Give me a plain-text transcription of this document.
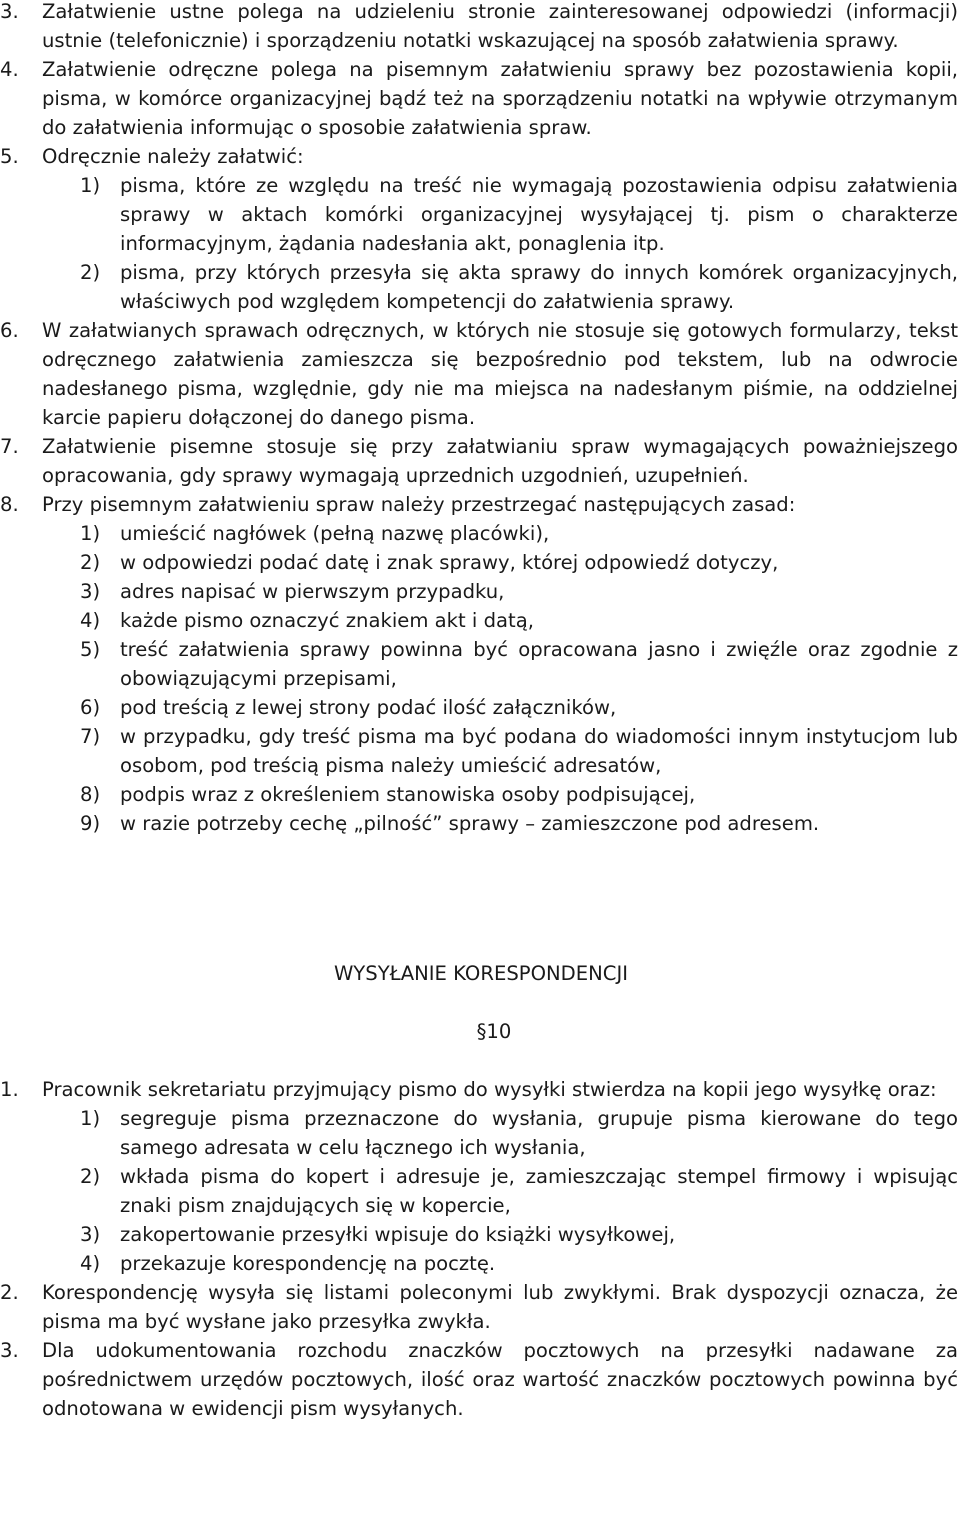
3. Załatwienie ustne polega na udzieleniu stronie zainteresowanej odpowiedzi (informacji) ustnie (telefonicznie) i sporządzeniu notatki wskazującej na sposób załatwienia sprawy.
4. Załatwienie odręczne polega na pisemnym załatwieniu sprawy bez pozostawienia kopii, pisma, w komórce organizacyjnej bądź też na sporządzeniu notatki na wpływie otrzymanym do załatwienia informując o sposobie załatwienia spraw.
5. Odręcznie należy załatwić:
1) pisma, które ze względu na treść nie wymagają pozostawienia odpisu załatwienia sprawy w aktach komórki organizacyjnej wysyłającej tj. pism o charakterze informacyjnym, żądania nadesłania akt, ponaglenia itp.
2) pisma, przy których przesyła się akta sprawy do innych komórek organizacyjnych, właściwych pod względem kompetencji do załatwienia sprawy.
6. W załatwianych sprawach odręcznych, w których nie stosuje się gotowych formularzy, tekst odręcznego załatwienia zamieszcza się bezpośrednio pod tekstem, lub na odwrocie nadesłanego pisma, względnie, gdy nie ma miejsca na nadesłanym piśmie, na oddzielnej karcie papieru dołączonej do danego pisma.
7. Załatwienie pisemne stosuje się przy załatwianiu spraw wymagających poważniejszego opracowania, gdy sprawy wymagają uprzednich uzgodnień, uzupełnień.
8. Przy pisemnym załatwieniu spraw należy przestrzegać następujących zasad:
1) umieścić nagłówek (pełną nazwę placówki),
2) w odpowiedzi podać datę i znak sprawy, której odpowiedź dotyczy,
3) adres napisać w pierwszym przypadku,
4) każde pismo oznaczyć znakiem akt i datą,
5) treść załatwienia sprawy powinna być opracowana jasno i zwięźle oraz zgodnie z obowiązującymi przepisami,
6) pod treścią z lewej strony podać ilość załączników,
7) w przypadku, gdy treść pisma ma być podana do wiadomości innym instytucjom lub osobom, pod treścią pisma należy umieścić adresatów,
8) podpis wraz z określeniem stanowiska osoby podpisującej,
9) w razie potrzeby cechę „pilność” sprawy – zamieszczone pod adresem.
WYSYŁANIE KORESPONDENCJI

§10

1. Pracownik sekretariatu przyjmujący pismo do wysyłki stwierdza na kopii jego wysyłkę oraz:
1) segreguje pisma przeznaczone do wysłania, grupuje pisma kierowane do tego samego adresata w celu łącznego ich wysłania,
2) wkłada pisma do kopert i adresuje je, zamieszczając stempel firmowy i wpisując znaki pism znajdujących się w kopercie,
3) zakopertowanie przesyłki wpisuje do książki wysyłkowej,
4) przekazuje korespondencję na pocztę.
2. Korespondencję wysyła się listami poleconymi lub zwykłymi. Brak dyspozycji oznacza, że pisma ma być wysłane jako przesyłka zwykła.
3. Dla udokumentowania rozchodu znaczków pocztowych na przesyłki nadawane za pośrednictwem urzędów pocztowych, ilość oraz wartość znaczków pocztowych powinna być odnotowana w ewidencji pism wysyłanych.
